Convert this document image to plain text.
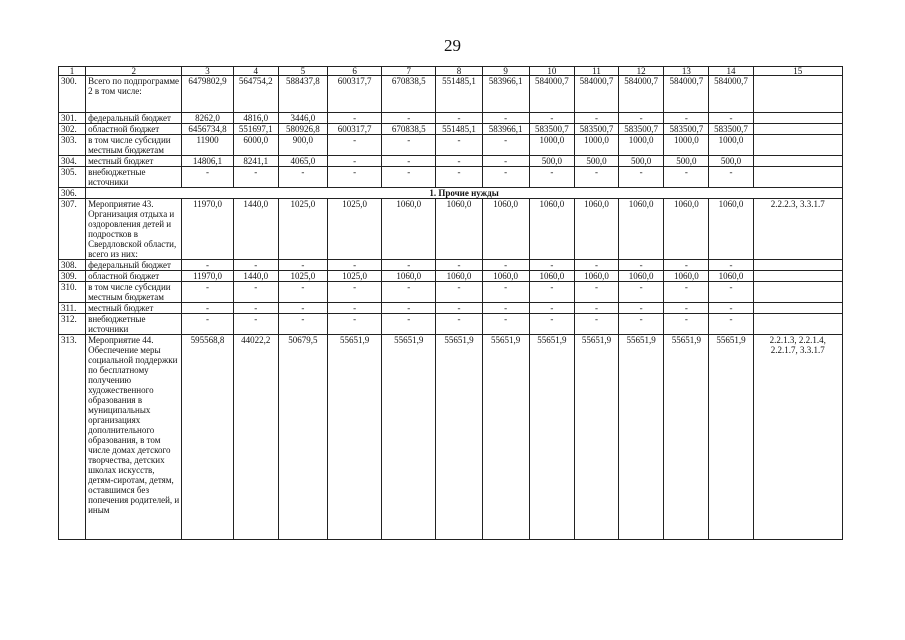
29
1	2	3	4	5	6	7	8	9	10	11	12	13	14	15
300.	Всего по подпрограмме 2 в том числе:	6479802,9	564754,2	588437,8	600317,7	670838,5	551485,1	583966,1	584000,7	584000,7	584000,7	584000,7	584000,7	
301.	федеральный бюджет	8262,0	4816,0	3446,0	-	-	-	-	-	-	-	-	-	
302.	областной бюджет	6456734,8	551697,1	580926,8	600317,7	670838,5	551485,1	583966,1	583500,7	583500,7	583500,7	583500,7	583500,7	
303.	в том числе субсидии местным бюджетам	11900	6000,0	900,0	-	-	-	-	1000,0	1000,0	1000,0	1000,0	1000,0	
304.	местный бюджет	14806,1	8241,1	4065,0	-	-	-	-	500,0	500,0	500,0	500,0	500,0	
305.	внебюджетные источники	-	-	-	-	-	-	-	-	-	-	-	-	
306.	1. Прочие нужды													
307.	Мероприятие 43. Организация отдыха и оздоровления детей и подростков в Свердловской области, всего из них:	11970,0	1440,0	1025,0	1025,0	1060,0	1060,0	1060,0	1060,0	1060,0	1060,0	1060,0	1060,0	2.2.2.3, 3.3.1.7
308.	федеральный бюджет	-	-	-	-	-	-	-	-	-	-	-	-	
309.	областной бюджет	11970,0	1440,0	1025,0	1025,0	1060,0	1060,0	1060,0	1060,0	1060,0	1060,0	1060,0	1060,0	
310.	в том числе субсидии местным бюджетам	-	-	-	-	-	-	-	-	-	-	-	-	
311.	местный бюджет	-	-	-	-	-	-	-	-	-	-	-	-	
312.	внебюджетные источники	-	-	-	-	-	-	-	-	-	-	-	-	
313.	Мероприятие 44. Обеспечение меры социальной поддержки по бесплатному получению художественного образования в муниципальных организациях дополнительного образования, в том числе домах детского творчества, детских школах искусств, детям-сиротам, детям, оставшимся без попечения родителей, и иным	595568,8	44022,2	50679,5	55651,9	55651,9	55651,9	55651,9	55651,9	55651,9	55651,9	55651,9	55651,9	2.2.1.3, 2.2.1.4, 2.2.1.7, 3.3.1.7
